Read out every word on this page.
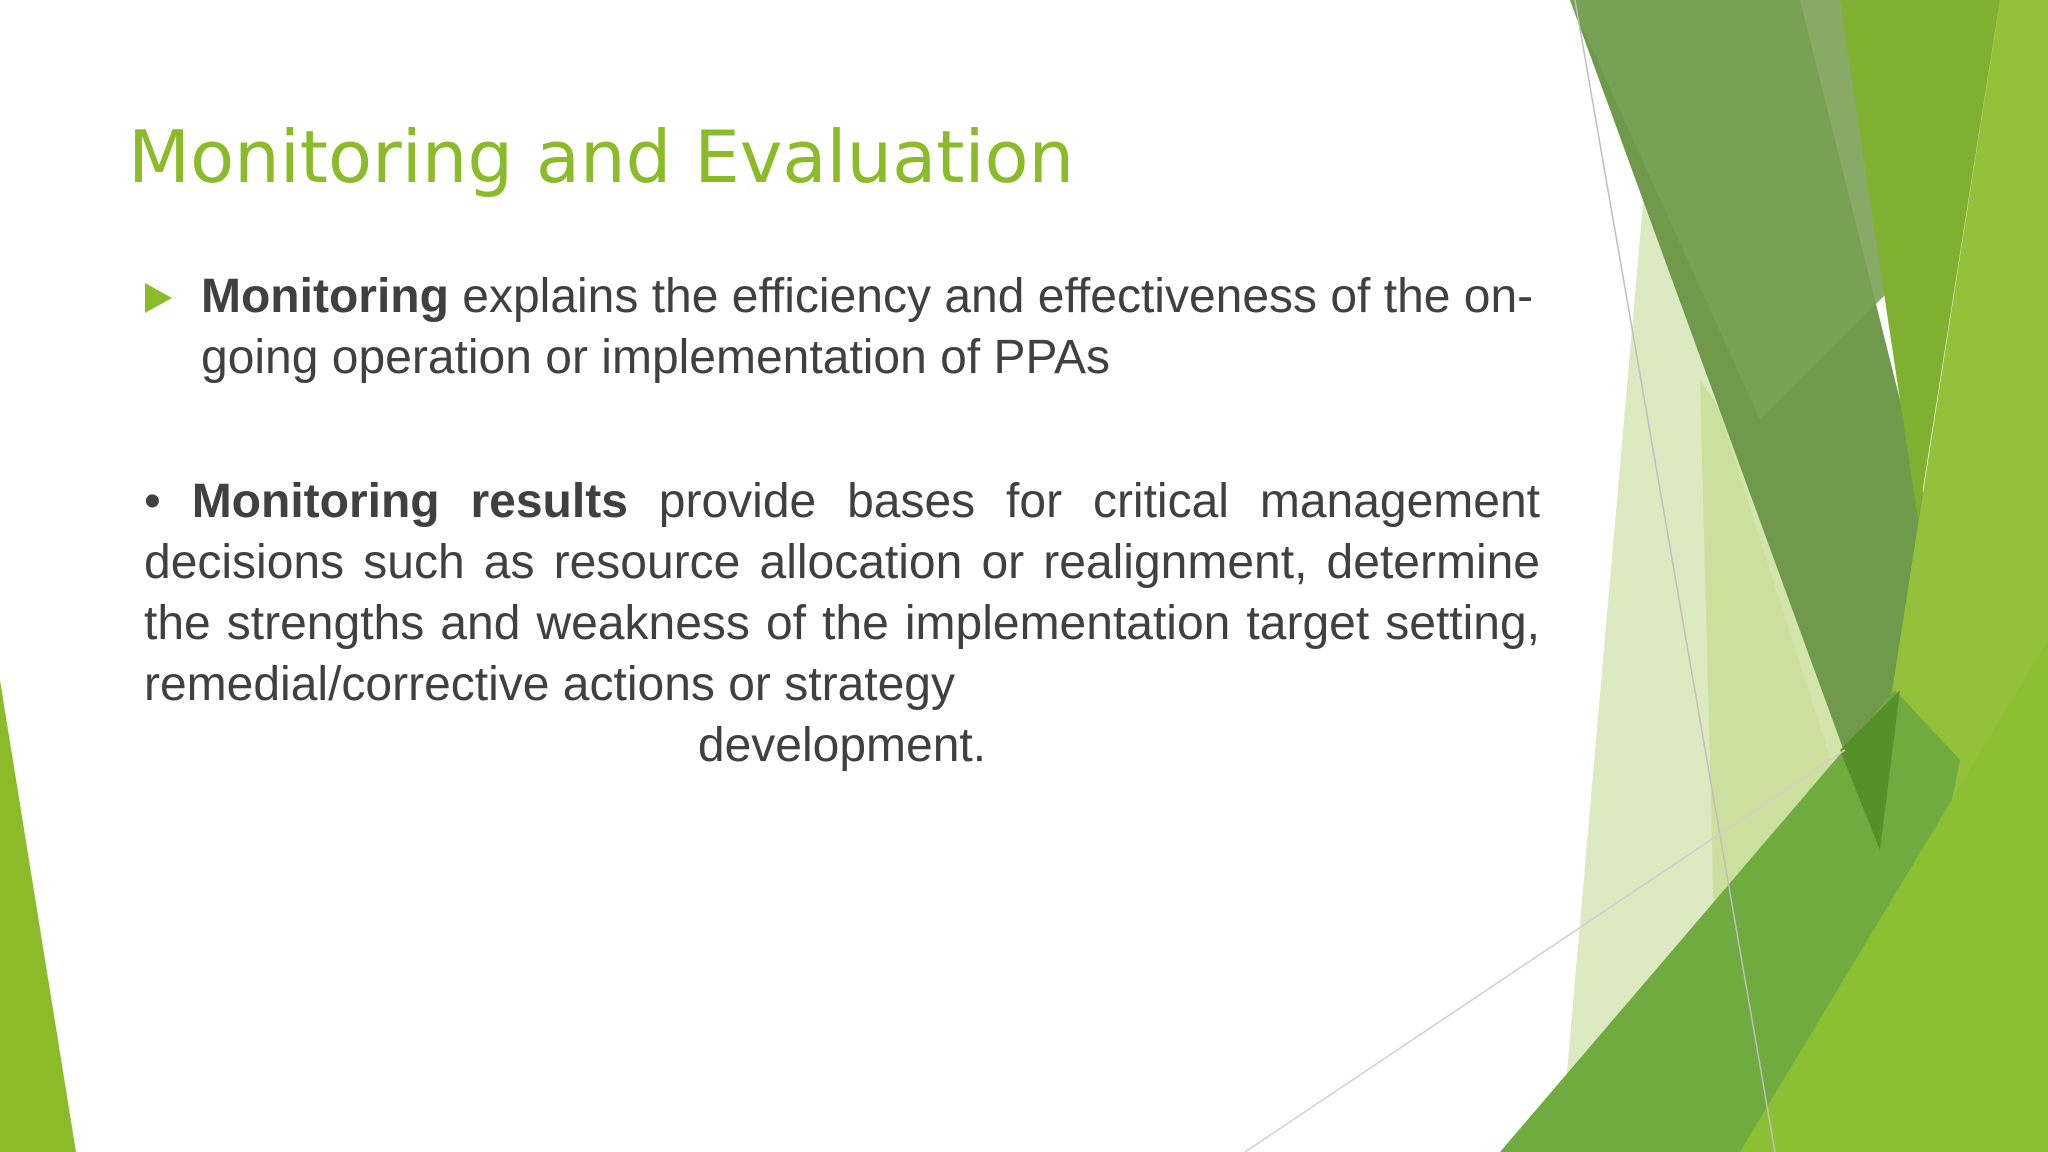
Monitoring and Evaluation
Monitoring explains the efficiency and effectiveness of the on-going operation or implementation of PPAs
• Monitoring results provide bases for critical management decisions such as resource allocation or realignment, determine the strengths and weakness of the implementation target setting, remedial/corrective actions or strategy
development.
